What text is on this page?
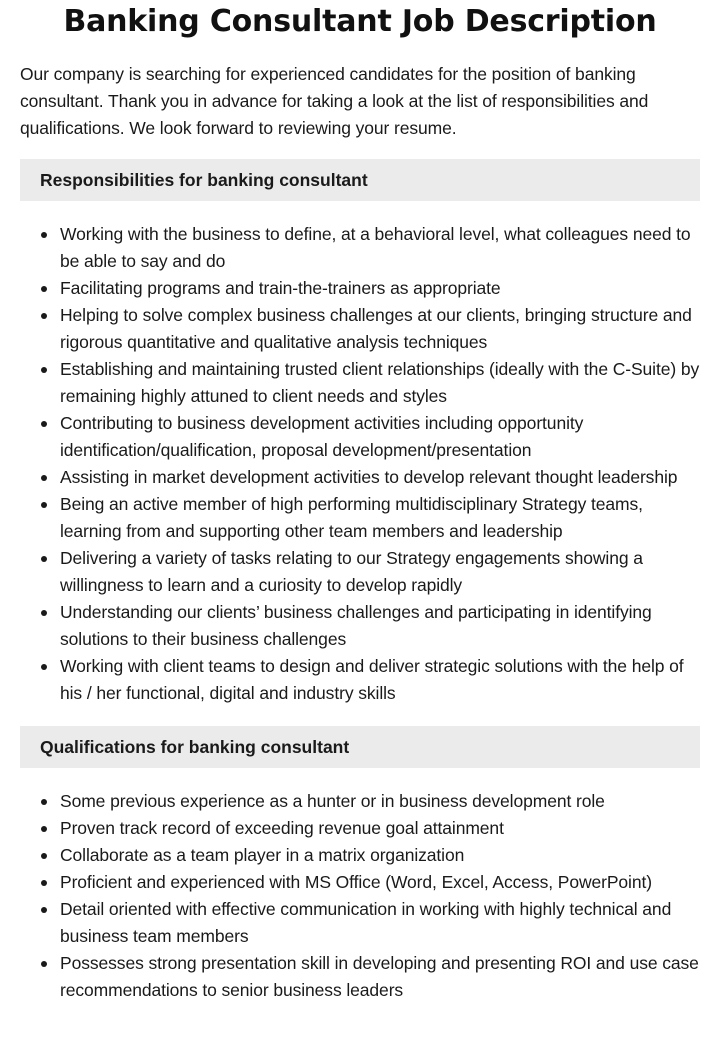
Banking Consultant Job Description

Our company is searching for experienced candidates for the position of banking consultant. Thank you in advance for taking a look at the list of responsibilities and qualifications. We look forward to reviewing your resume.

Responsibilities for banking consultant
Working with the business to define, at a behavioral level, what colleagues need to be able to say and do
Facilitating programs and train-the-trainers as appropriate
Helping to solve complex business challenges at our clients, bringing structure and rigorous quantitative and qualitative analysis techniques
Establishing and maintaining trusted client relationships (ideally with the C-Suite) by remaining highly attuned to client needs and styles
Contributing to business development activities including opportunity identification/qualification, proposal development/presentation
Assisting in market development activities to develop relevant thought leadership
Being an active member of high performing multidisciplinary Strategy teams, learning from and supporting other team members and leadership
Delivering a variety of tasks relating to our Strategy engagements showing a willingness to learn and a curiosity to develop rapidly
Understanding our clients’ business challenges and participating in identifying solutions to their business challenges
Working with client teams to design and deliver strategic solutions with the help of his / her functional, digital and industry skills
Qualifications for banking consultant
Some previous experience as a hunter or in business development role
Proven track record of exceeding revenue goal attainment
Collaborate as a team player in a matrix organization
Proficient and experienced with MS Office (Word, Excel, Access, PowerPoint)
Detail oriented with effective communication in working with highly technical and business team members
Possesses strong presentation skill in developing and presenting ROI and use case recommendations to senior business leaders
